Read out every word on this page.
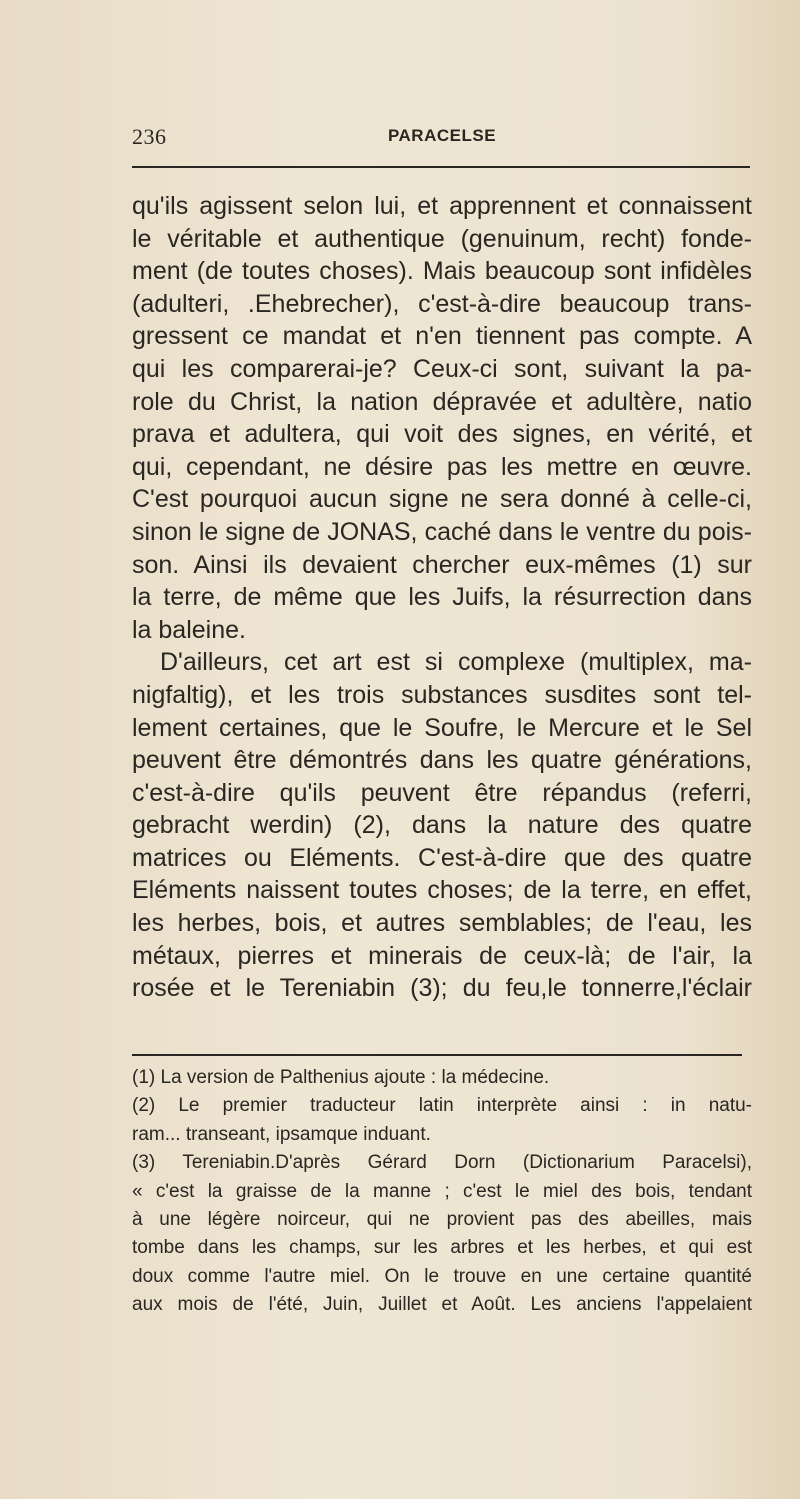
236	PARACELSE
qu'ils agissent selon lui, et apprennent et connaissent
le véritable et authentique (genuinum, recht) fonde-
ment (de toutes choses). Mais beaucoup sont infidèles
(adulteri, .Ehebrecher), c'est-à-dire beaucoup trans-
gressent ce mandat et n'en tiennent pas compte. A
qui les comparerai-je? Ceux-ci sont, suivant la pa-
role du Christ, la nation dépravée et adultère, natio
prava et adultera, qui voit des signes, en vérité, et
qui, cependant, ne désire pas les mettre en œuvre.
C'est pourquoi aucun signe ne sera donné à celle-ci,
sinon le signe de JONAS, caché dans le ventre du pois-
son. Ainsi ils devaient chercher eux-mêmes (1) sur
la terre, de même que les Juifs, la résurrection dans
la baleine.
D'ailleurs, cet art est si complexe (multiplex, ma-
nigfaltig), et les trois substances susdites sont tel-
lement certaines, que le Soufre, le Mercure et le Sel
peuvent être démontrés dans les quatre générations,
c'est-à-dire qu'ils peuvent être répandus (referri,
gebracht werdin) (2), dans la nature des quatre
matrices ou Eléments. C'est-à-dire que des quatre
Eléments naissent toutes choses; de la terre, en effet,
les herbes, bois, et autres semblables; de l'eau, les
métaux, pierres et minerais de ceux-là; de l'air, la
rosée et le Tereniabin (3); du feu,le tonnerre,l'éclair
(1) La version de Palthenius ajoute : la médecine.
(2) Le premier traducteur latin interprète ainsi : in natu-
ram... transeant, ipsamque induant.
(3) Tereniabin.D'après Gérard Dorn (Dictionarium Paracelsi),
« c'est la graisse de la manne ; c'est le miel des bois, tendant
à une légère noirceur, qui ne provient pas des abeilles, mais
tombe dans les champs, sur les arbres et les herbes, et qui est
doux comme l'autre miel. On le trouve en une certaine quantité
aux mois de l'été, Juin, Juillet et Août. Les anciens l'appelaient
